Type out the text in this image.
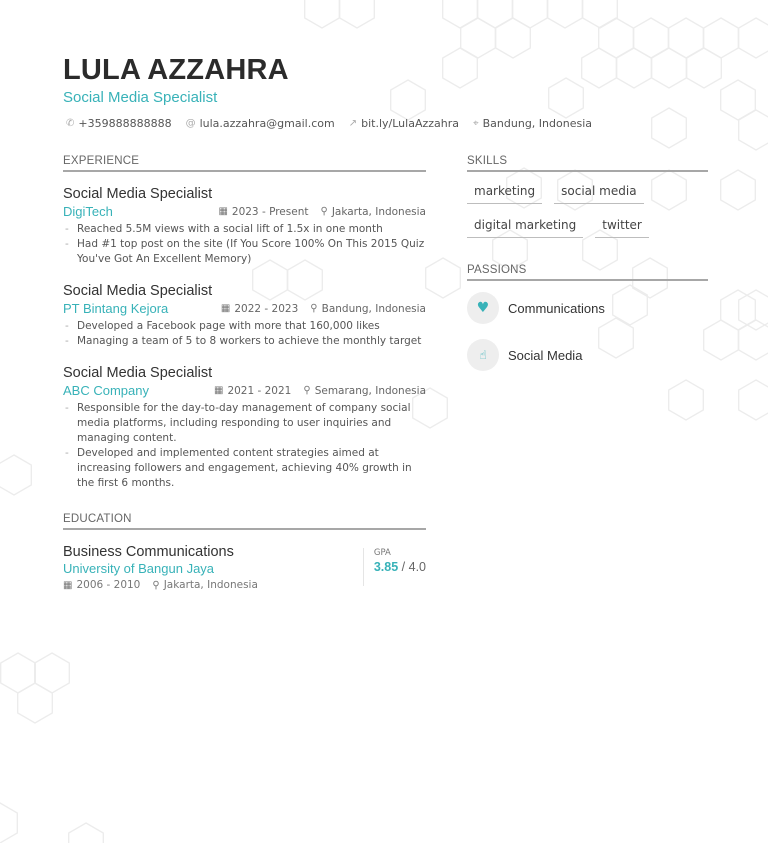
LULA AZZAHRA
Social Media Specialist
✆ +359888888888 @ lula.azzahra@gmail.com ↗ bit.ly/LulaAzzahra ⌖ Bandung, Indonesia
EXPERIENCE
Social Media Specialist
DigiTech	▦ 2023 - Present ⚲ Jakarta, Indonesia
- Reached 5.5M views with a social lift of 1.5x in one month
- Had #1 top post on the site (If You Score 100% On This 2015 Quiz You've Got An Excellent Memory)
Social Media Specialist
PT Bintang Kejora	▦ 2022 - 2023 ⚲ Bandung, Indonesia
- Developed a Facebook page with more that 160,000 likes
- Managing a team of 5 to 8 workers to achieve the monthly target
Social Media Specialist
ABC Company	▦ 2021 - 2021 ⚲ Semarang, Indonesia
- Responsible for the day-to-day management of company social media platforms, including responding to user inquiries and managing content.
- Developed and implemented content strategies aimed at increasing followers and engagement, achieving 40% growth in the first 6 months.
EDUCATION
Business Communications
University of Bangun Jaya
▦ 2006 - 2010 ⚲ Jakarta, Indonesia
GPA
3.85 / 4.0
SKILLS
marketing	social media
digital marketing	twitter
PASSIONS
♥	Communications
☝	Social Media
